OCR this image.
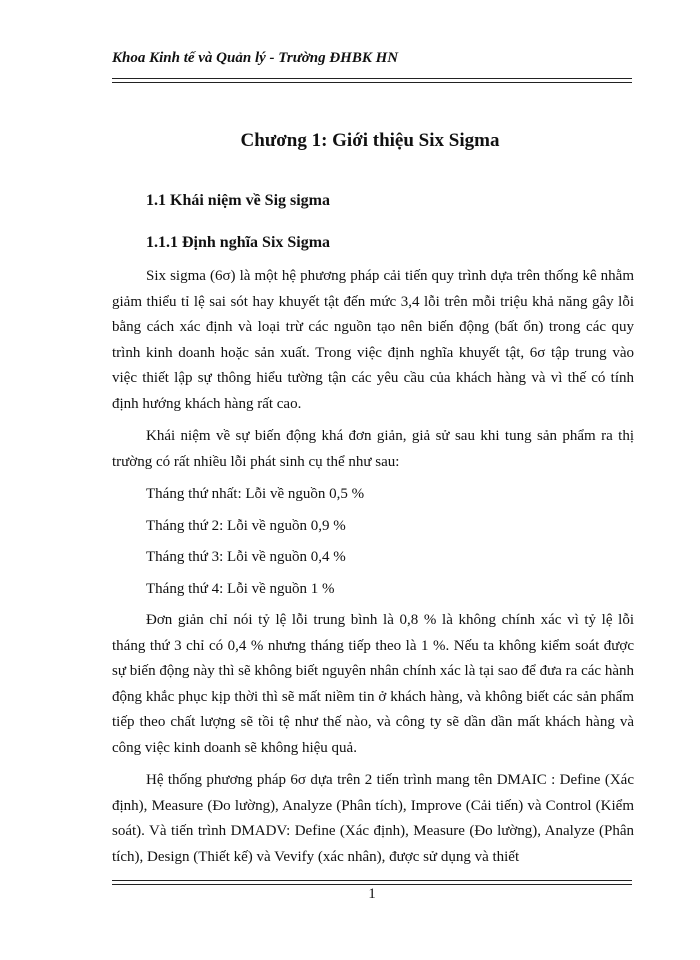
Khoa Kinh tế và Quản lý - Trường ĐHBK HN
Chương 1: Giới thiệu Six Sigma
1.1 Khái niệm về Sig sigma
1.1.1 Định nghĩa Six Sigma

Six sigma (6σ) là một hệ phương pháp cải tiến quy trình dựa trên thống kê nhằm giảm thiểu tỉ lệ sai sót hay khuyết tật đến mức 3,4 lỗi trên mỗi triệu khả năng gây lỗi bằng cách xác định và loại trừ các nguồn tạo nên biến động (bất ổn) trong các quy trình kinh doanh hoặc sản xuất. Trong việc định nghĩa khuyết tật, 6σ tập trung vào việc thiết lập sự thông hiểu tường tận các yêu cầu của khách hàng và vì thế có tính định hướng khách hàng rất cao.

Khái niệm về sự biến động khá đơn giản, giả sử sau khi tung sản phẩm ra thị trường có rất nhiều lỗi phát sinh cụ thể như sau:

Tháng thứ nhất: Lỗi về nguồn 0,5 %

Tháng thứ 2: Lỗi về nguồn 0,9 %

Tháng thứ 3: Lỗi về nguồn 0,4 %

Tháng thứ 4: Lỗi về nguồn 1 %

Đơn giản chỉ nói tỷ lệ lỗi trung bình là 0,8 % là không chính xác vì tỷ lệ lỗi tháng thứ 3 chỉ có 0,4 % nhưng tháng tiếp theo là 1 %. Nếu ta không kiểm soát được sự biến động này thì sẽ không biết nguyên nhân chính xác là tại sao để đưa ra các hành động khắc phục kịp thời thì sẽ mất niềm tin ở khách hàng, và không biết các sản phẩm tiếp theo chất lượng sẽ tồi tệ như thế nào, và công ty sẽ dần dần mất khách hàng và công việc kinh doanh sẽ không hiệu quả.

Hệ thống phương pháp 6σ dựa trên 2 tiến trình mang tên DMAIC : Define (Xác định), Measure (Đo lường), Analyze (Phân tích), Improve (Cải tiến) và Control (Kiểm soát). Và tiến trình DMADV: Define (Xác định), Measure (Đo lường), Analyze (Phân tích), Design (Thiết kế) và Vevify (xác nhân), được sử dụng và thiết

1
